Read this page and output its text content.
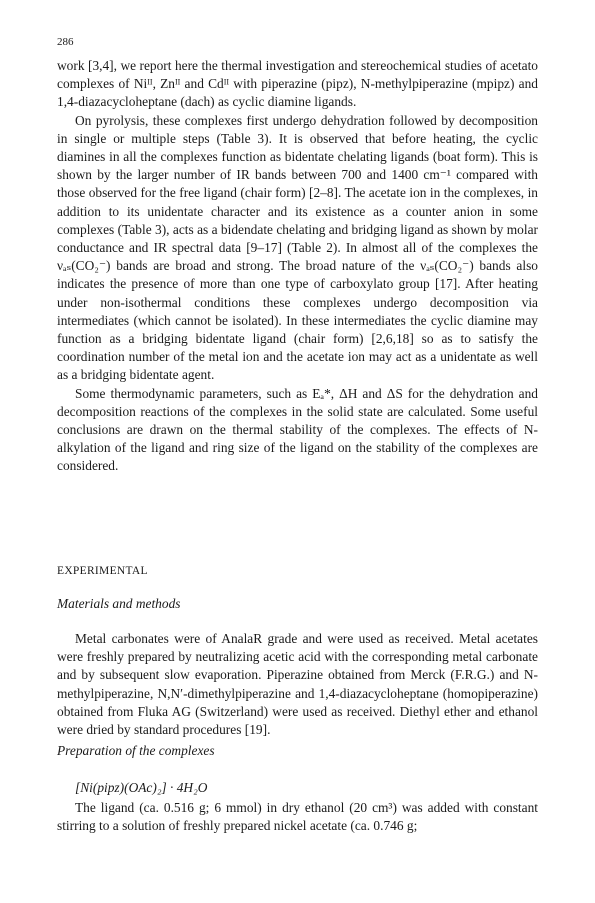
286

work [3,4], we report here the thermal investigation and stereochemical studies of acetato complexes of Niᴵᴵ, Znᴵᴵ and Cdᴵᴵ with piperazine (pipz), N-methylpiperazine (mpipz) and 1,4-diazacycloheptane (dach) as cyclic diamine ligands.

On pyrolysis, these complexes first undergo dehydration followed by decomposition in single or multiple steps (Table 3). It is observed that before heating, the cyclic diamines in all the complexes function as bidentate chelating ligands (boat form). This is shown by the larger number of IR bands between 700 and 1400 cm⁻¹ compared with those observed for the free ligand (chair form) [2–8]. The acetate ion in the complexes, in addition to its unidentate character and its existence as a counter anion in some complexes (Table 3), acts as a bidendate chelating and bridging ligand as shown by molar conductance and IR spectral data [9–17] (Table 2). In almost all of the complexes the νₐₛ(CO₂⁻) bands are broad and strong. The broad nature of the νₐₛ(CO₂⁻) bands also indicates the presence of more than one type of carboxylato group [17]. After heating under non-isothermal conditions these complexes undergo decomposition via intermediates (which cannot be isolated). In these intermediates the cyclic diamine may function as a bridging bidentate ligand (chair form) [2,6,18] so as to satisfy the coordination number of the metal ion and the acetate ion may act as a unidentate as well as a bridging bidentate agent.

Some thermodynamic parameters, such as Eₐ*, ΔH and ΔS for the dehydration and decomposition reactions of the complexes in the solid state are calculated. Some useful conclusions are drawn on the thermal stability of the complexes. The effects of N-alkylation of the ligand and ring size of the ligand on the stability of the complexes are considered.

EXPERIMENTAL
Materials and methods

Metal carbonates were of AnalaR grade and were used as received. Metal acetates were freshly prepared by neutralizing acetic acid with the corresponding metal carbonate and by subsequent slow evaporation. Piperazine obtained from Merck (F.R.G.) and N-methylpiperazine, N,N′-dimethylpiperazine and 1,4-diazacycloheptane (homopiperazine) obtained from Fluka AG (Switzerland) were used as received. Diethyl ether and ethanol were dried by standard procedures [19].

Preparation of the complexes
[Ni(pipz)(OAc)₂] · 4H₂O

The ligand (ca. 0.516 g; 6 mmol) in dry ethanol (20 cm³) was added with constant stirring to a solution of freshly prepared nickel acetate (ca. 0.746 g;
